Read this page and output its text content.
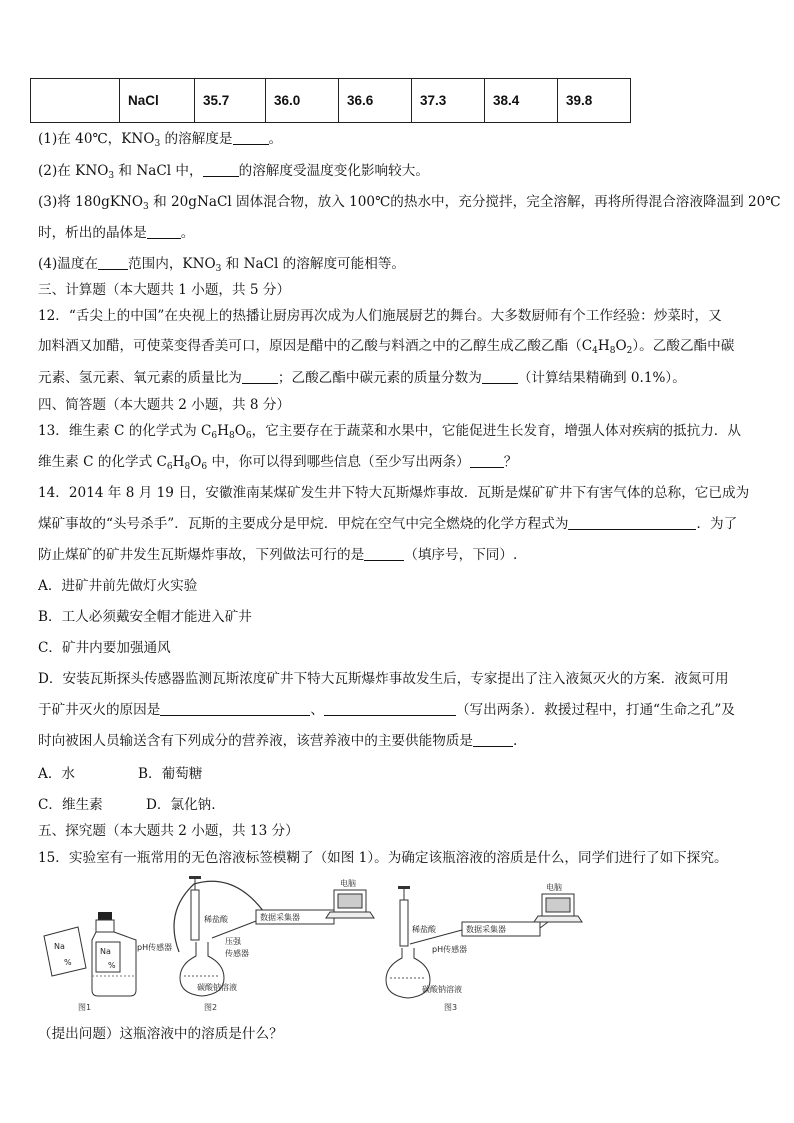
	NaCl	35.7	36.0	36.6	37.3	38.4	39.8
(1)在 40℃，$KNO_3$ 的溶解度是	。
(2)在 $KNO_3$ 和 NaCl 中，	的溶解度受温度变化影响较大。
(3)将 180gKNO$_3$ 和 20gNaCl 固体混合物，放入 100℃的热水中，充分搅拌，完全溶解，再将所得混合溶液降温到 20℃
时，析出的晶体是	。
(4)温度在 范围内，$KNO_3$ 和 NaCl 的溶解度可能相等。
三、计算题（本大题共 1 小题，共 5 分）
12．“舌尖上的中国”在央视上的热播让厨房再次成为人们施展厨艺的舞台。大多数厨师有个工作经验：炒菜时，又
加料酒又加醋，可使菜变得香美可口，原因是醋中的乙酸与料酒之中的乙醇生成乙酸乙酯$(C_4H_8O_2)$。乙酸乙酯中碳
元素、氢元素、氧元素的质量比为	；乙酸乙酯中碳元素的质量分数为	（计算结果精确到 0.1%）。
四、简答题（本大题共 2 小题，共 8 分）
13．维生素 C 的化学式为 $C_6H_8O_6$，它主要存在于蔬菜和水果中，它能促进生长发育，增强人体对疾病的抵抗力．从
维生素 C 的化学式 $C_6H_8O_6$ 中，你可以得到哪些信息（至少写出两条）	？
14．2014 年 8 月 19 日，安徽淮南某煤矿发生井下特大瓦斯爆炸事故．瓦斯是煤矿矿井下有害气体的总称，它已成为
煤矿事故的“头号杀手”．瓦斯的主要成分是甲烷．甲烷在空气中完全燃烧的化学方程式为	．为了
防止煤矿的矿井发生瓦斯爆炸事故，下列做法可行的是	（填序号，下同）.
A．进矿井前先做灯火实验
B．工人必须戴安全帽才能进入矿井
C．矿井内要加强通风
D．安装瓦斯探头传感器监测瓦斯浓度矿井下特大瓦斯爆炸事故发生后，专家提出了注入液氮灭火的方案．液氮可用
于矿井灭火的原因是	、	（写出两条）．救援过程中，打通“生命之孔”及
时向被困人员输送含有下列成分的营养液，该营养液中的主要供能物质是	.
A．水	B．葡萄糖
C．维生素	D．氯化钠.
五、探究题（本大题共 2 小题，共 13 分）
15．实验室有一瓶常用的无色溶液标签模糊了（如图 1）。为确定该瓶溶液的溶质是什么，同学们进行了如下探究。
Na
%
Na
%
图1
稀盐酸
pH传感器
压强
传感器
数据采集器
电脑
碳酸钠溶液
图2
稀盐酸
pH传感器
数据采集器
电脑
碳酸钠溶液
图3
（提出问题）这瓶溶液中的溶质是什么？
